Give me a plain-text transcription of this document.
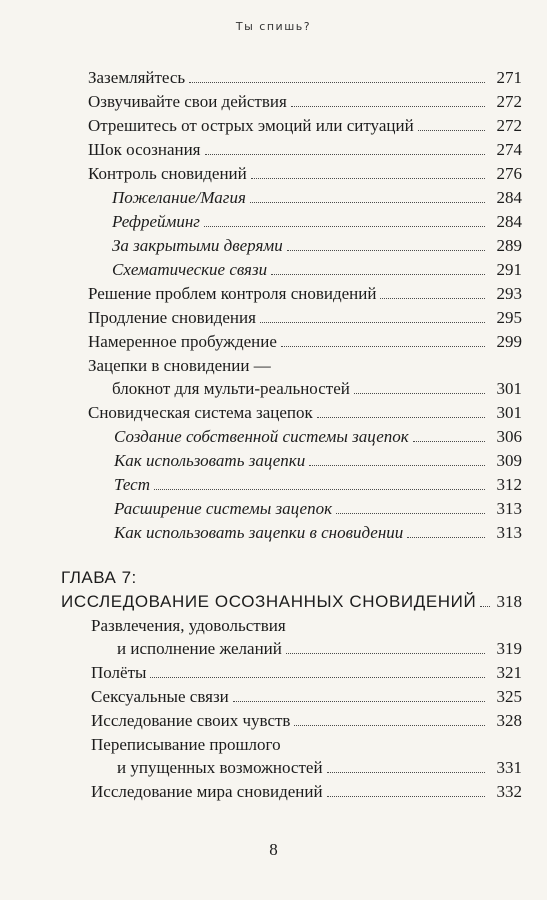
Ты спишь?
Заземляйтесь	271
Озвучивайте свои действия	272
Отрешитесь от острых эмоций или ситуаций	272
Шок осознания	274
Контроль сновидений	276
Пожелание/Магия	284
Рефрейминг	284
За закрытыми дверями	289
Схематические связи	291
Решение проблем контроля сновидений	293
Продление сновидения	295
Намеренное пробуждение	299
Зацепки в сновидении —
блокнот для мульти-реальностей	301
Сновидческая система зацепок	301
Создание собственной системы зацепок	306
Как использовать зацепки	309
Тест	312
Расширение системы зацепок	313
Как использовать зацепки в сновидении	313
ГЛАВА 7:
ИССЛЕДОВАНИЕ ОСОЗНАННЫХ СНОВИДЕНИЙ	318
Развлечения, удовольствия
и исполнение желаний	319
Полёты	321
Сексуальные связи	325
Исследование своих чувств	328
Переписывание прошлого
и упущенных возможностей	331
Исследование мира сновидений	332
8
